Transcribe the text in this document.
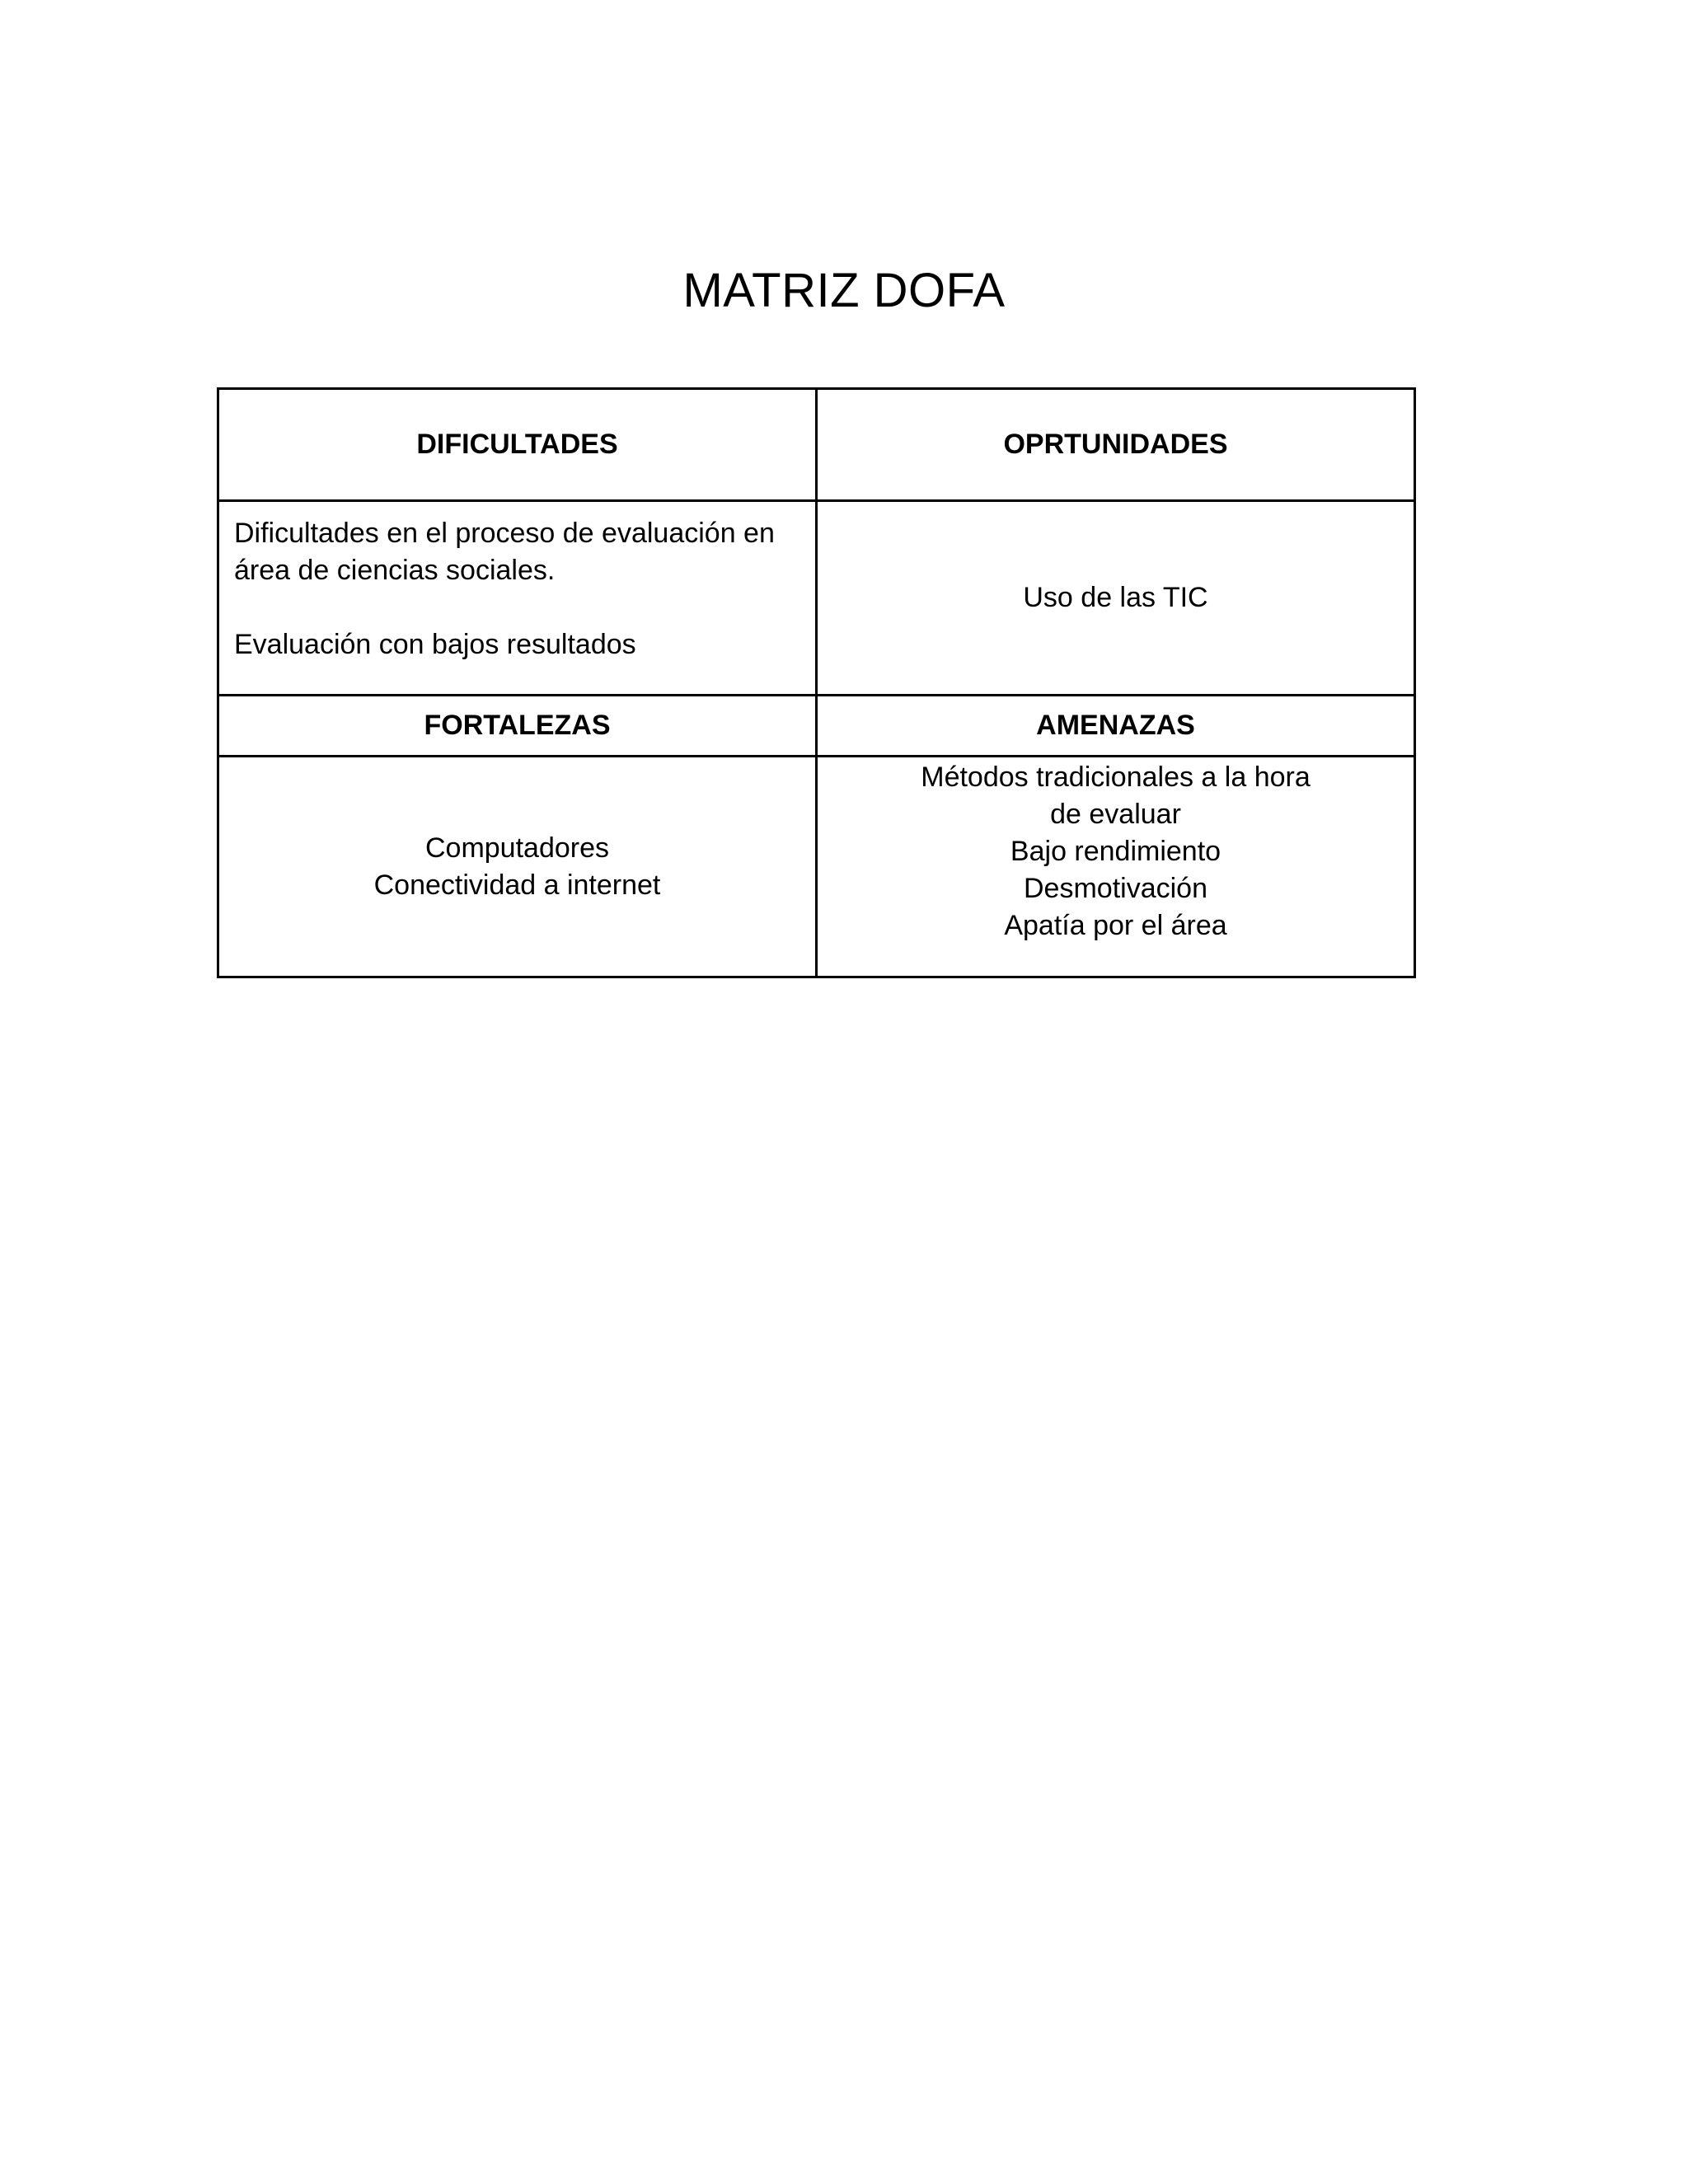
MATRIZ DOFA
DIFICULTADES	OPRTUNIDADES

Dificultades en el proceso de evaluación en área de ciencias sociales.
Evaluación con bajos resultados	Uso de las TIC

FORTALEZAS	AMENAZAS

Computadores
Conectividad a internet	Métodos tradicionales a la hora
de evaluar
Bajo rendimiento
Desmotivación
Apatía por el área
